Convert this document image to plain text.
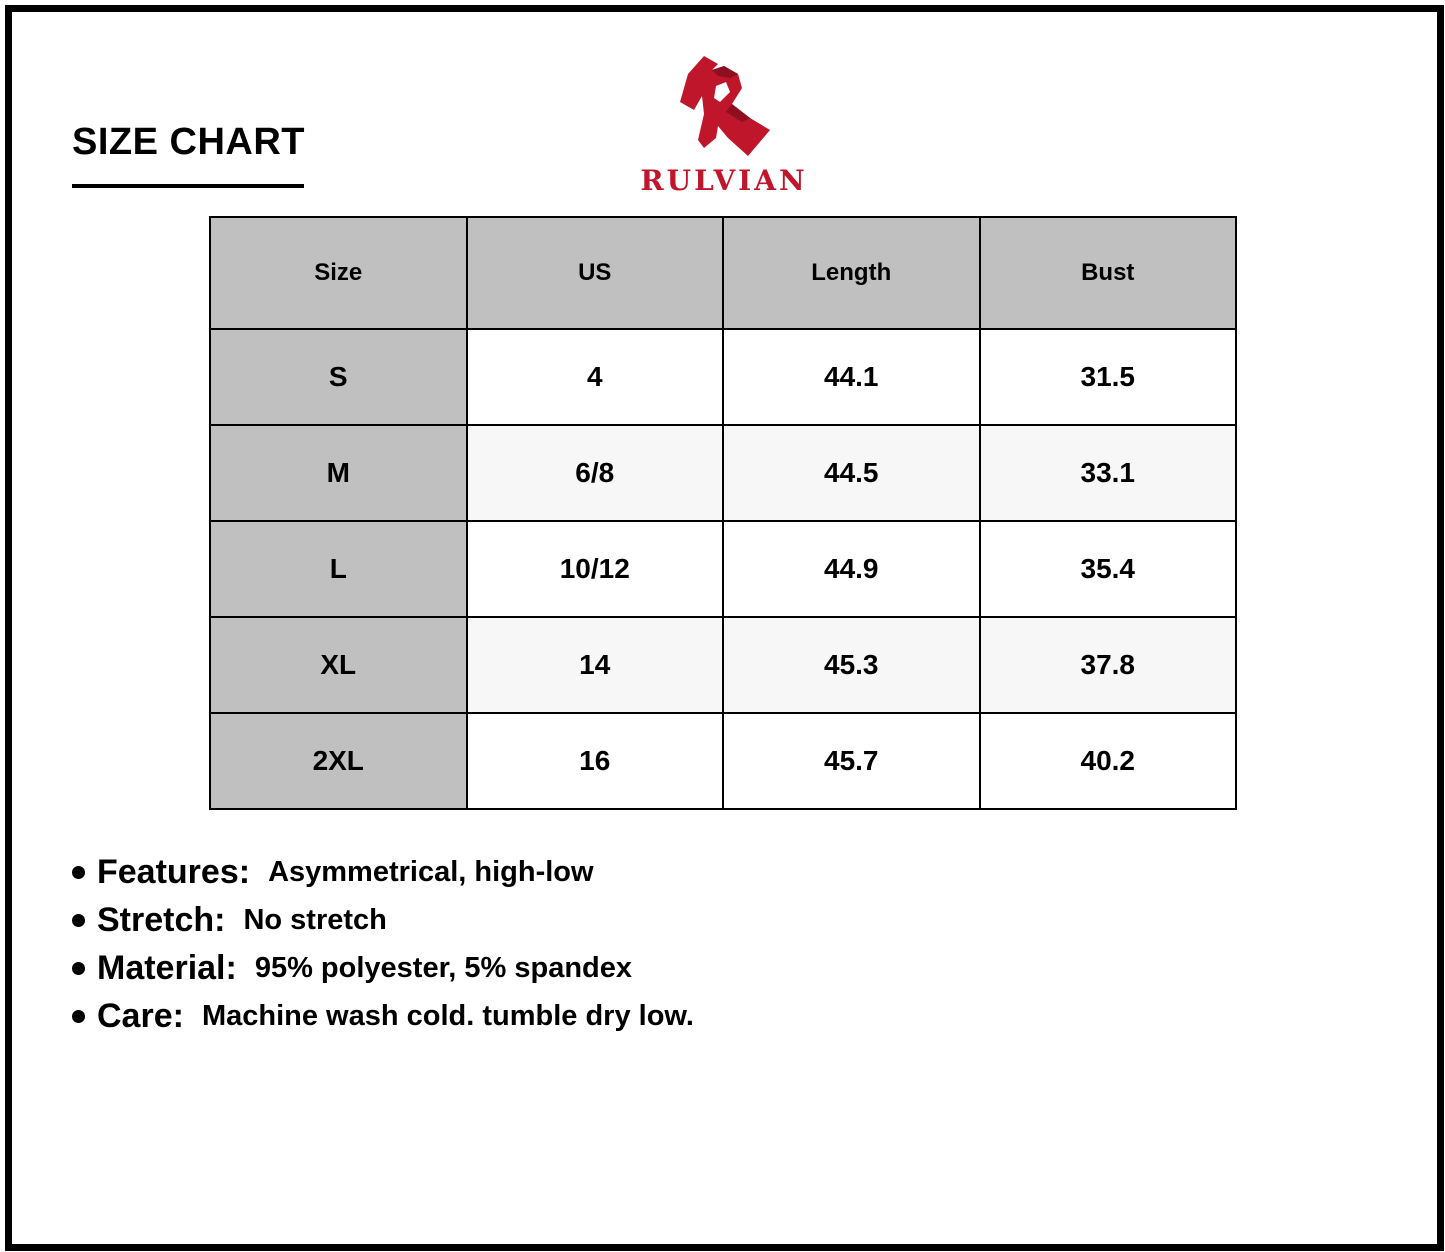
SIZE CHART
RULVIAN
Size	US	Length	Bust
S	4	44.1	31.5
M	6/8	44.5	33.1
L	10/12	44.9	35.4
XL	14	45.3	37.8
2XL	16	45.7	40.2
Features: Asymmetrical, high-low
Stretch: No stretch
Material: 95% polyester, 5% spandex
Care: Machine wash cold. tumble dry low.
